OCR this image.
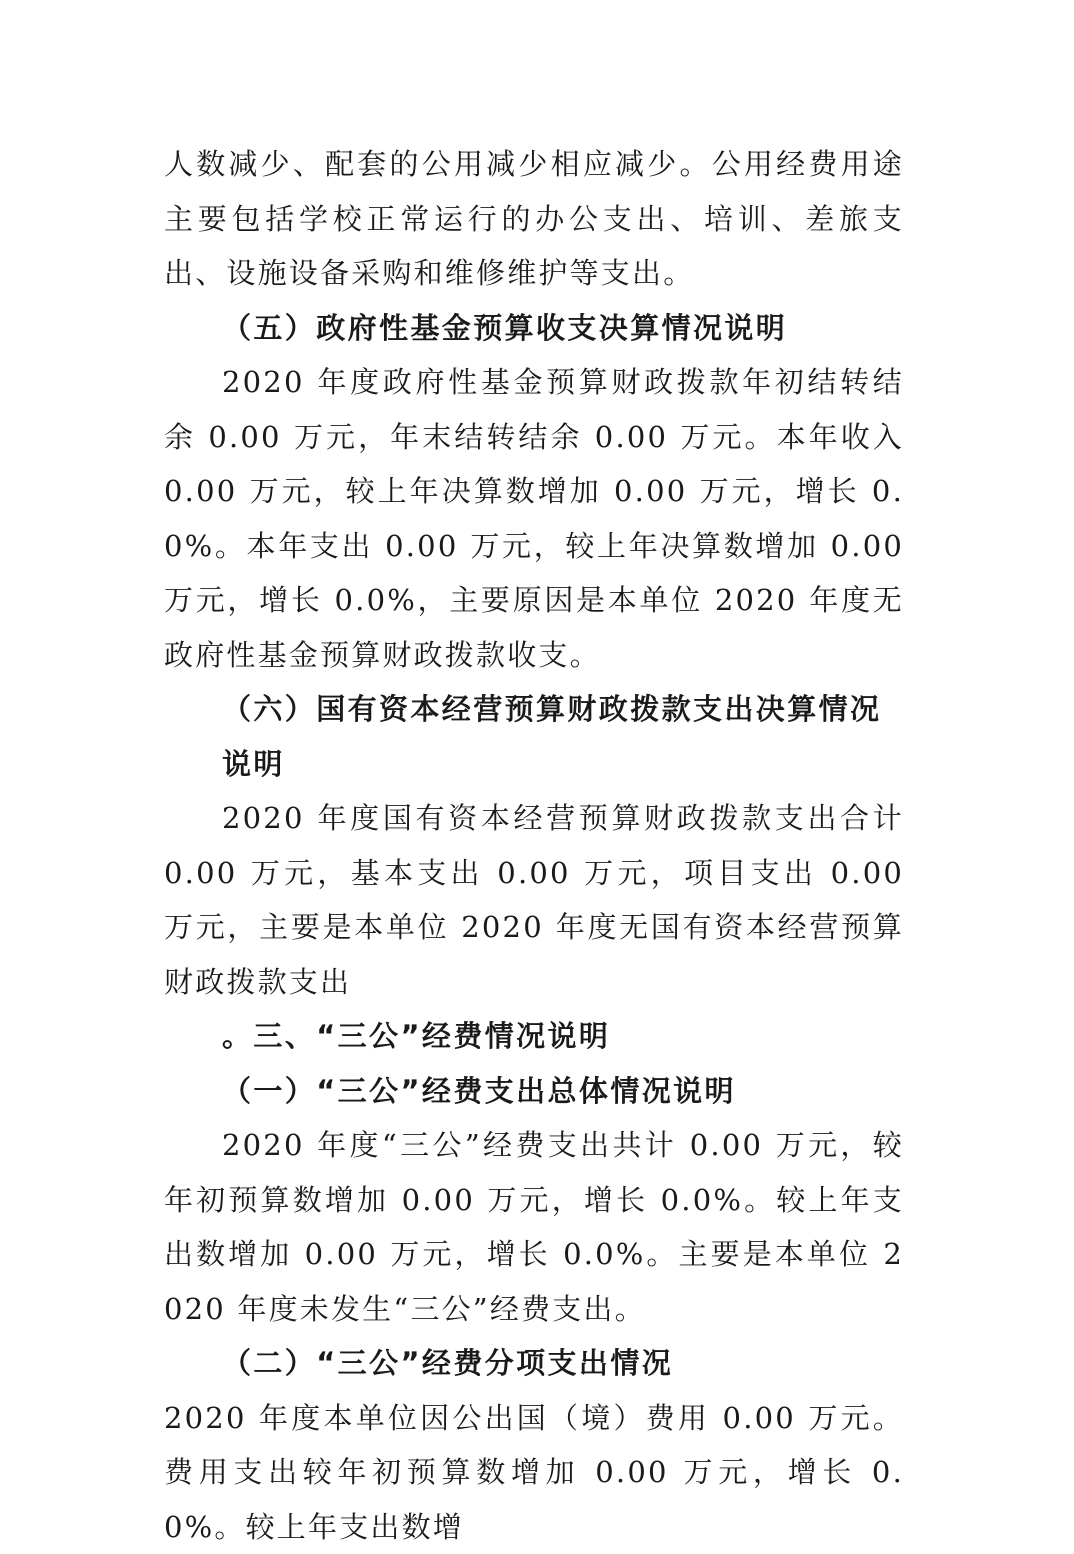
人数减少、配套的公用减少相应减少。公用经费用途主要包括学校正常运行的办公支出、培训、差旅支出、设施设备采购和维修维护等支出。

（五）政府性基金预算收支决算情况说明

2020 年度政府性基金预算财政拨款年初结转结余 0.00 万元，年末结转结余 0.00 万元。本年收入 0.00 万元，较上年决算数增加 0.00 万元，增长 0.0%。本年支出 0.00 万元，较上年决算数增加 0.00 万元，增长 0.0%，主要原因是本单位 2020 年度无政府性基金预算财政拨款收支。

（六）国有资本经营预算财政拨款支出决算情况说明

2020 年度国有资本经营预算财政拨款支出合计 0.00 万元，基本支出 0.00 万元，项目支出 0.00 万元，主要是本单位 2020 年度无国有资本经营预算财政拨款支出

。三、“三公”经费情况说明

（一）“三公”经费支出总体情况说明

2020 年度“三公”经费支出共计 0.00 万元，较年初预算数增加 0.00 万元，增长 0.0%。较上年支出数增加 0.00 万元，增长 0.0%。主要是本单位 2020 年度未发生“三公”经费支出。

（二）“三公”经费分项支出情况

2020 年度本单位因公出国（境）费用 0.00 万元。费用支出较年初预算数增加 0.00 万元，增长 0.0%。较上年支出数增
